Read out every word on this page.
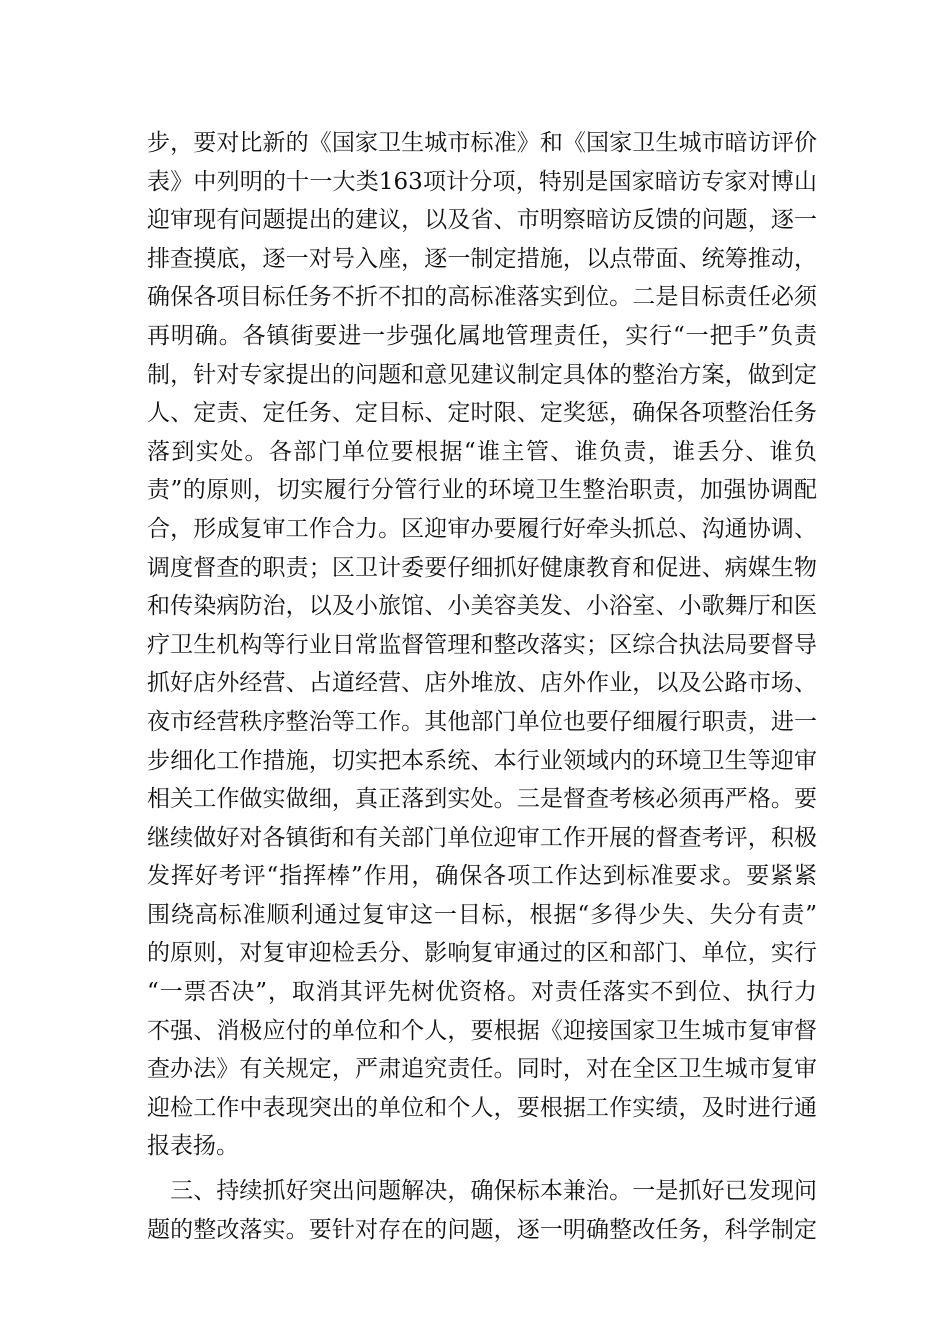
步，要对比新的《国家卫生城市标准》和《国家卫生城市暗访评价
表》中列明的十一大类163项计分项，特别是国家暗访专家对博山
迎审现有问题提出的建议，以及省、市明察暗访反馈的问题，逐一
排查摸底，逐一对号入座，逐一制定措施，以点带面、统筹推动，
确保各项目标任务不折不扣的高标准落实到位。二是目标责任必须
再明确。各镇街要进一步强化属地管理责任，实行“一把手”负责
制，针对专家提出的问题和意见建议制定具体的整治方案，做到定
人、定责、定任务、定目标、定时限、定奖惩，确保各项整治任务
落到实处。各部门单位要根据“谁主管、谁负责，谁丢分、谁负
责”的原则，切实履行分管行业的环境卫生整治职责，加强协调配
合，形成复审工作合力。区迎审办要履行好牵头抓总、沟通协调、
调度督查的职责；区卫计委要仔细抓好健康教育和促进、病媒生物
和传染病防治，以及小旅馆、小美容美发、小浴室、小歌舞厅和医
疗卫生机构等行业日常监督管理和整改落实；区综合执法局要督导
抓好店外经营、占道经营、店外堆放、店外作业，以及公路市场、
夜市经营秩序整治等工作。其他部门单位也要仔细履行职责，进一
步细化工作措施，切实把本系统、本行业领域内的环境卫生等迎审
相关工作做实做细，真正落到实处。三是督查考核必须再严格。要
继续做好对各镇街和有关部门单位迎审工作开展的督查考评，积极
发挥好考评“指挥棒”作用，确保各项工作达到标准要求。要紧紧
围绕高标准顺利通过复审这一目标，根据“多得少失、失分有责”
的原则，对复审迎检丢分、影响复审通过的区和部门、单位，实行
“一票否决”，取消其评先树优资格。对责任落实不到位、执行力
不强、消极应付的单位和个人，要根据《迎接国家卫生城市复审督
查办法》有关规定，严肃追究责任。同时，对在全区卫生城市复审
迎检工作中表现突出的单位和个人，要根据工作实绩，及时进行通
报表扬。
　三、持续抓好突出问题解决，确保标本兼治。一是抓好已发现问
题的整改落实。要针对存在的问题，逐一明确整改任务，科学制定
